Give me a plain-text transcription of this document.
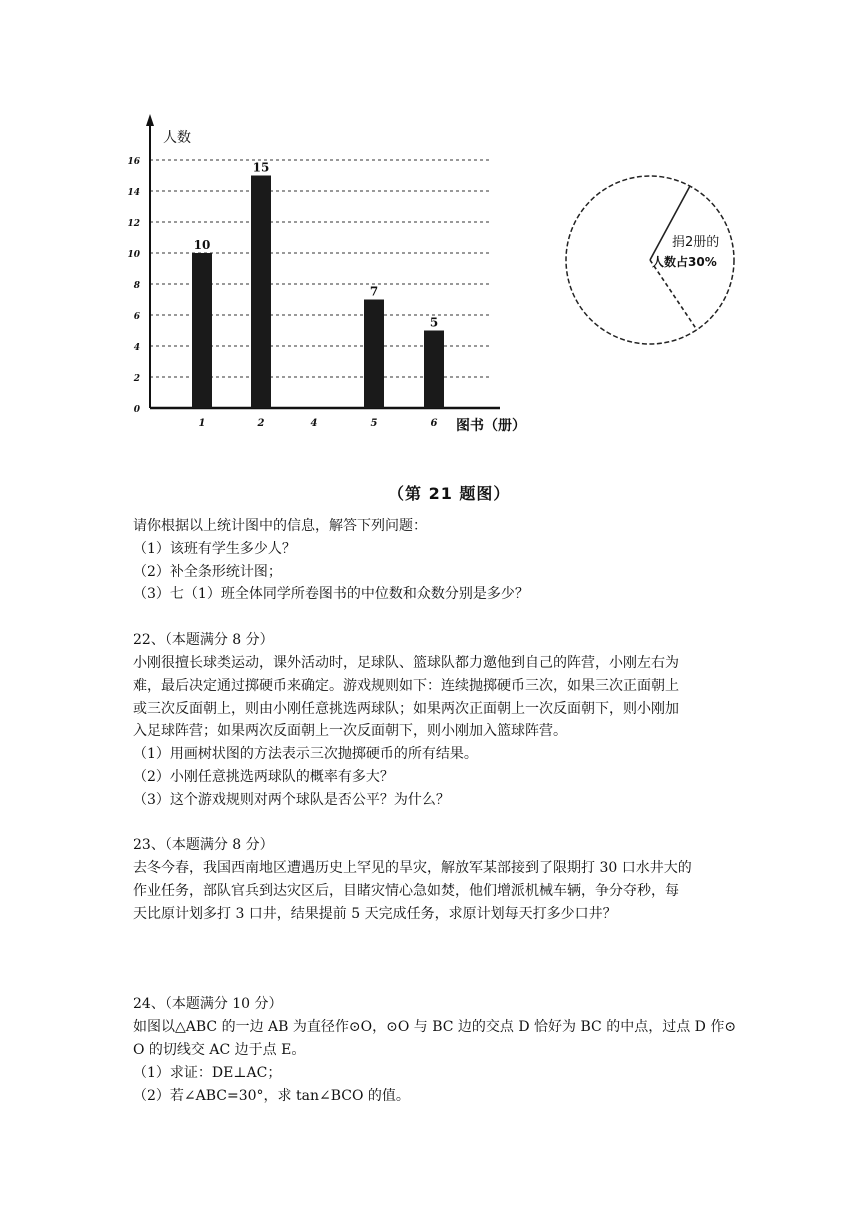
人数
图书（册）
0
2
4
6
8
10
12
14
16
1
10
2
15
4	5
7
6
5
捐2册的
人数占30%
（第 21 题图）
请你根据以上统计图中的信息，解答下列问题：
（1）该班有学生多少人？
（2）补全条形统计图；
（3）七（1）班全体同学所卷图书的中位数和众数分别是多少？
22、（本题满分 8 分）
小刚很擅长球类运动，课外活动时，足球队、篮球队都力邀他到自己的阵营，小刚左右为
难，最后决定通过掷硬币来确定。游戏规则如下：连续抛掷硬币三次，如果三次正面朝上
或三次反面朝上，则由小刚任意挑选两球队；如果两次正面朝上一次反面朝下，则小刚加
入足球阵营；如果两次反面朝上一次反面朝下，则小刚加入篮球阵营。
（1）用画树状图的方法表示三次抛掷硬币的所有结果。
（2）小刚任意挑选两球队的概率有多大？
（3）这个游戏规则对两个球队是否公平？为什么？
23、（本题满分 8 分）
去冬今春，我国西南地区遭遇历史上罕见的旱灾，解放军某部接到了限期打 30 口水井大的
作业任务，部队官兵到达灾区后，目睹灾情心急如焚，他们增派机械车辆，争分夺秒，每
天比原计划多打 3 口井，结果提前 5 天完成任务，求原计划每天打多少口井？
24、（本题满分 10 分）
如图以△ABC 的一边 AB 为直径作⊙O，⊙O 与 BC 边的交点 D 恰好为 BC 的中点，过点 D 作⊙
O 的切线交 AC 边于点 E。
（1）求证：DE⊥AC；
（2）若∠ABC=30°，求 tan∠BCO 的值。
